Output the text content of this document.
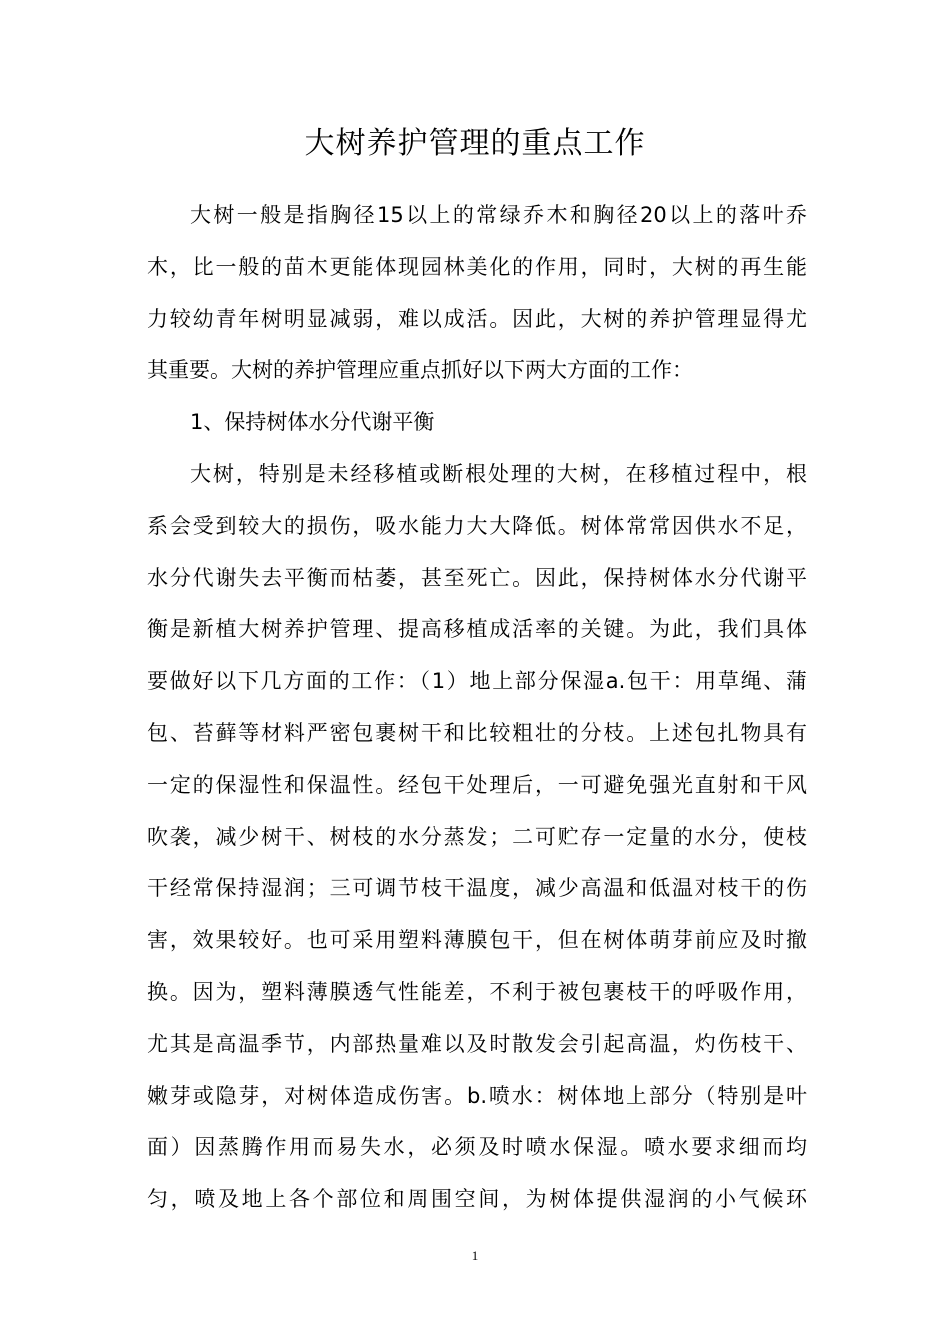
大树养护管理的重点工作
大树一般是指胸径15以上的常绿乔木和胸径20以上的落叶乔
木，比一般的苗木更能体现园林美化的作用，同时，大树的再生能
力较幼青年树明显减弱，难以成活。因此，大树的养护管理显得尤
其重要。大树的养护管理应重点抓好以下两大方面的工作：
1、保持树体水分代谢平衡
大树，特别是未经移植或断根处理的大树，在移植过程中，根
系会受到较大的损伤，吸水能力大大降低。树体常常因供水不足，
水分代谢失去平衡而枯萎，甚至死亡。因此，保持树体水分代谢平
衡是新植大树养护管理、提高移植成活率的关键。为此，我们具体
要做好以下几方面的工作：（1）地上部分保湿a.包干：用草绳、蒲
包、苔藓等材料严密包裹树干和比较粗壮的分枝。上述包扎物具有
一定的保湿性和保温性。经包干处理后，一可避免强光直射和干风
吹袭，减少树干、树枝的水分蒸发；二可贮存一定量的水分，使枝
干经常保持湿润；三可调节枝干温度，减少高温和低温对枝干的伤
害，效果较好。也可采用塑料薄膜包干，但在树体萌芽前应及时撤
换。因为，塑料薄膜透气性能差，不利于被包裹枝干的呼吸作用，
尤其是高温季节，内部热量难以及时散发会引起高温，灼伤枝干、
嫩芽或隐芽，对树体造成伤害。b.喷水：树体地上部分（特别是叶
面）因蒸腾作用而易失水，必须及时喷水保湿。喷水要求细而均
匀，喷及地上各个部位和周围空间，为树体提供湿润的小气候环
1
